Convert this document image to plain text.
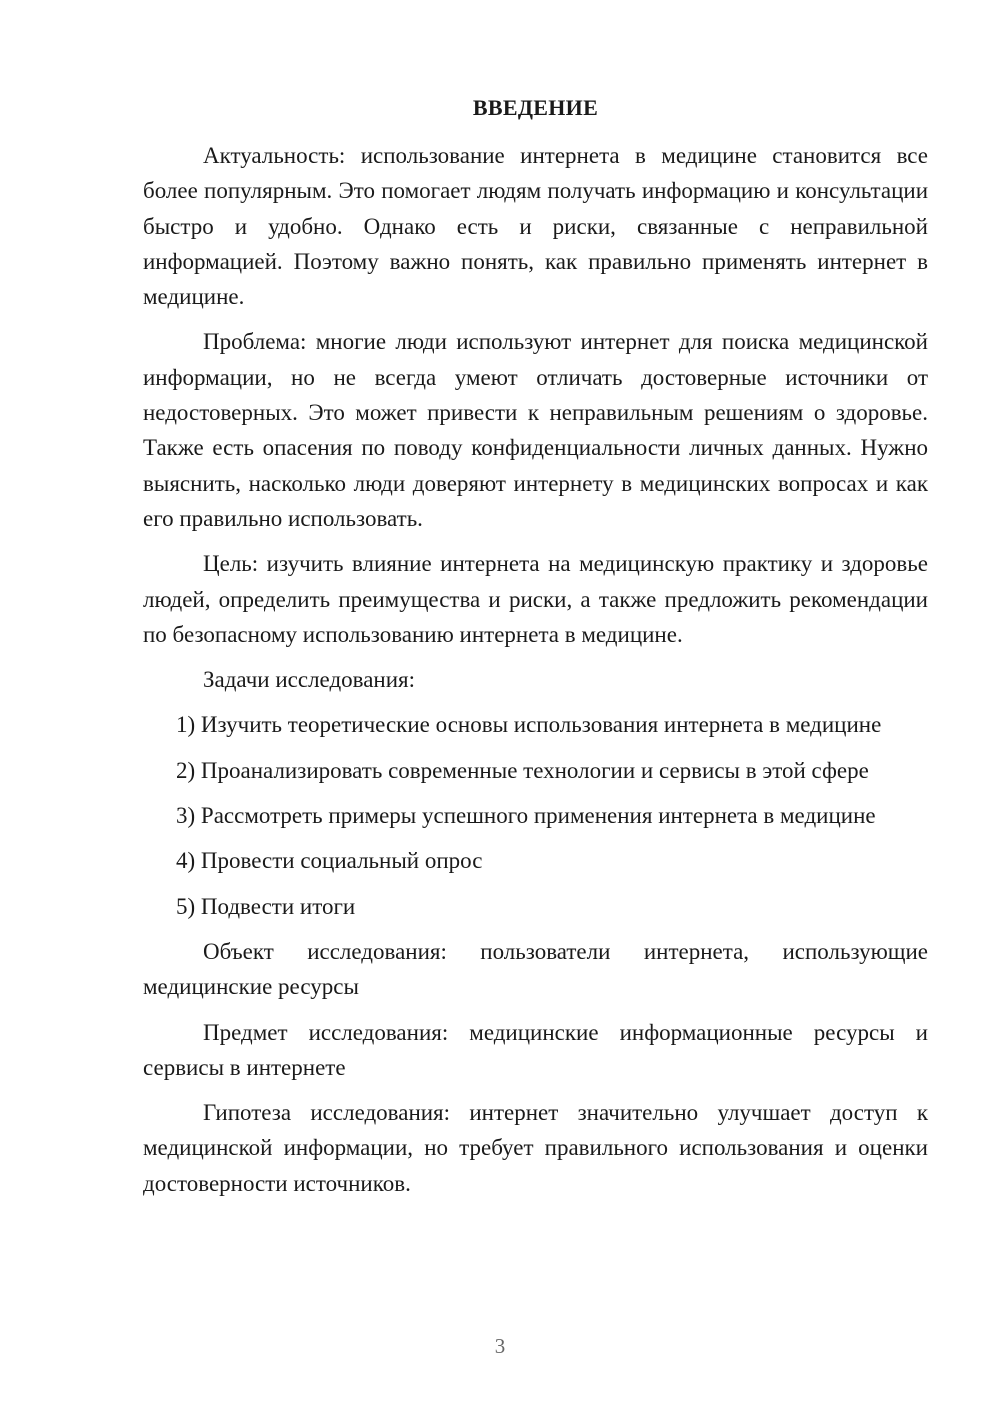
ВВЕДЕНИЕ

Актуальность: использование интернета в медицине становится все более популярным. Это помогает людям получать информацию и консультации быстро и удобно. Однако есть и риски, связанные с неправильной информацией. Поэтому важно понять, как правильно применять интернет в медицине.

Проблема: многие люди используют интернет для поиска медицинской информации, но не всегда умеют отличать достоверные источники от недостоверных. Это может привести к неправильным решениям о здоровье. Также есть опасения по поводу конфиденциальности личных данных. Нужно выяснить, насколько люди доверяют интернету в медицинских вопросах и как его правильно использовать.

Цель: изучить влияние интернета на медицинскую практику и здоровье людей, определить преимущества и риски, а также предложить рекомендации по безопасному использованию интернета в медицине.

Задачи исследования:

1) Изучить теоретические основы использования интернета в медицине

2) Проанализировать современные технологии и сервисы в этой сфере

3) Рассмотреть примеры успешного применения интернета в медицине

4) Провести социальный опрос

5) Подвести итоги

Объект исследования: пользователи интернета, использующие медицинские ресурсы

Предмет исследования: медицинские информационные ресурсы и сервисы в интернете

Гипотеза исследования: интернет значительно улучшает доступ к медицинской информации, но требует правильного использования и оценки достоверности источников.

3
